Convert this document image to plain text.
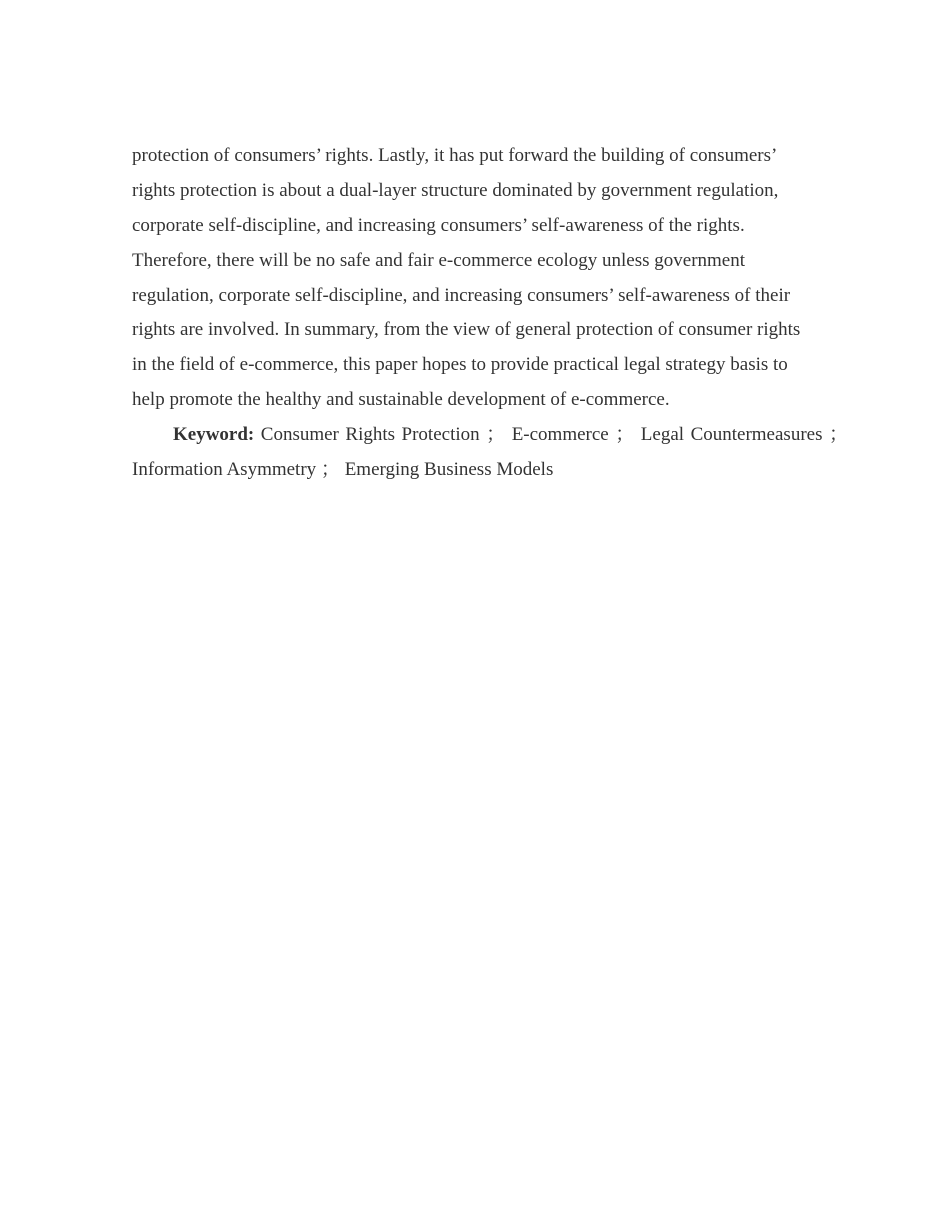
protection of consumers’ rights. Lastly, it has put forward the building of consumers’
rights protection is about a dual-layer structure dominated by government regulation,
corporate self-discipline, and increasing consumers’ self-awareness of the rights.
Therefore, there will be no safe and fair e-commerce ecology unless government
regulation, corporate self-discipline, and increasing consumers’ self-awareness of their
rights are involved. In summary, from the view of general protection of consumer rights
in the field of e-commerce, this paper hopes to provide practical legal strategy basis to
help promote the healthy and sustainable development of e-commerce.
Keyword: Consumer Rights Protection ； E-commerce ； Legal Countermeasures ；
Information Asymmetry ； Emerging Business Models
